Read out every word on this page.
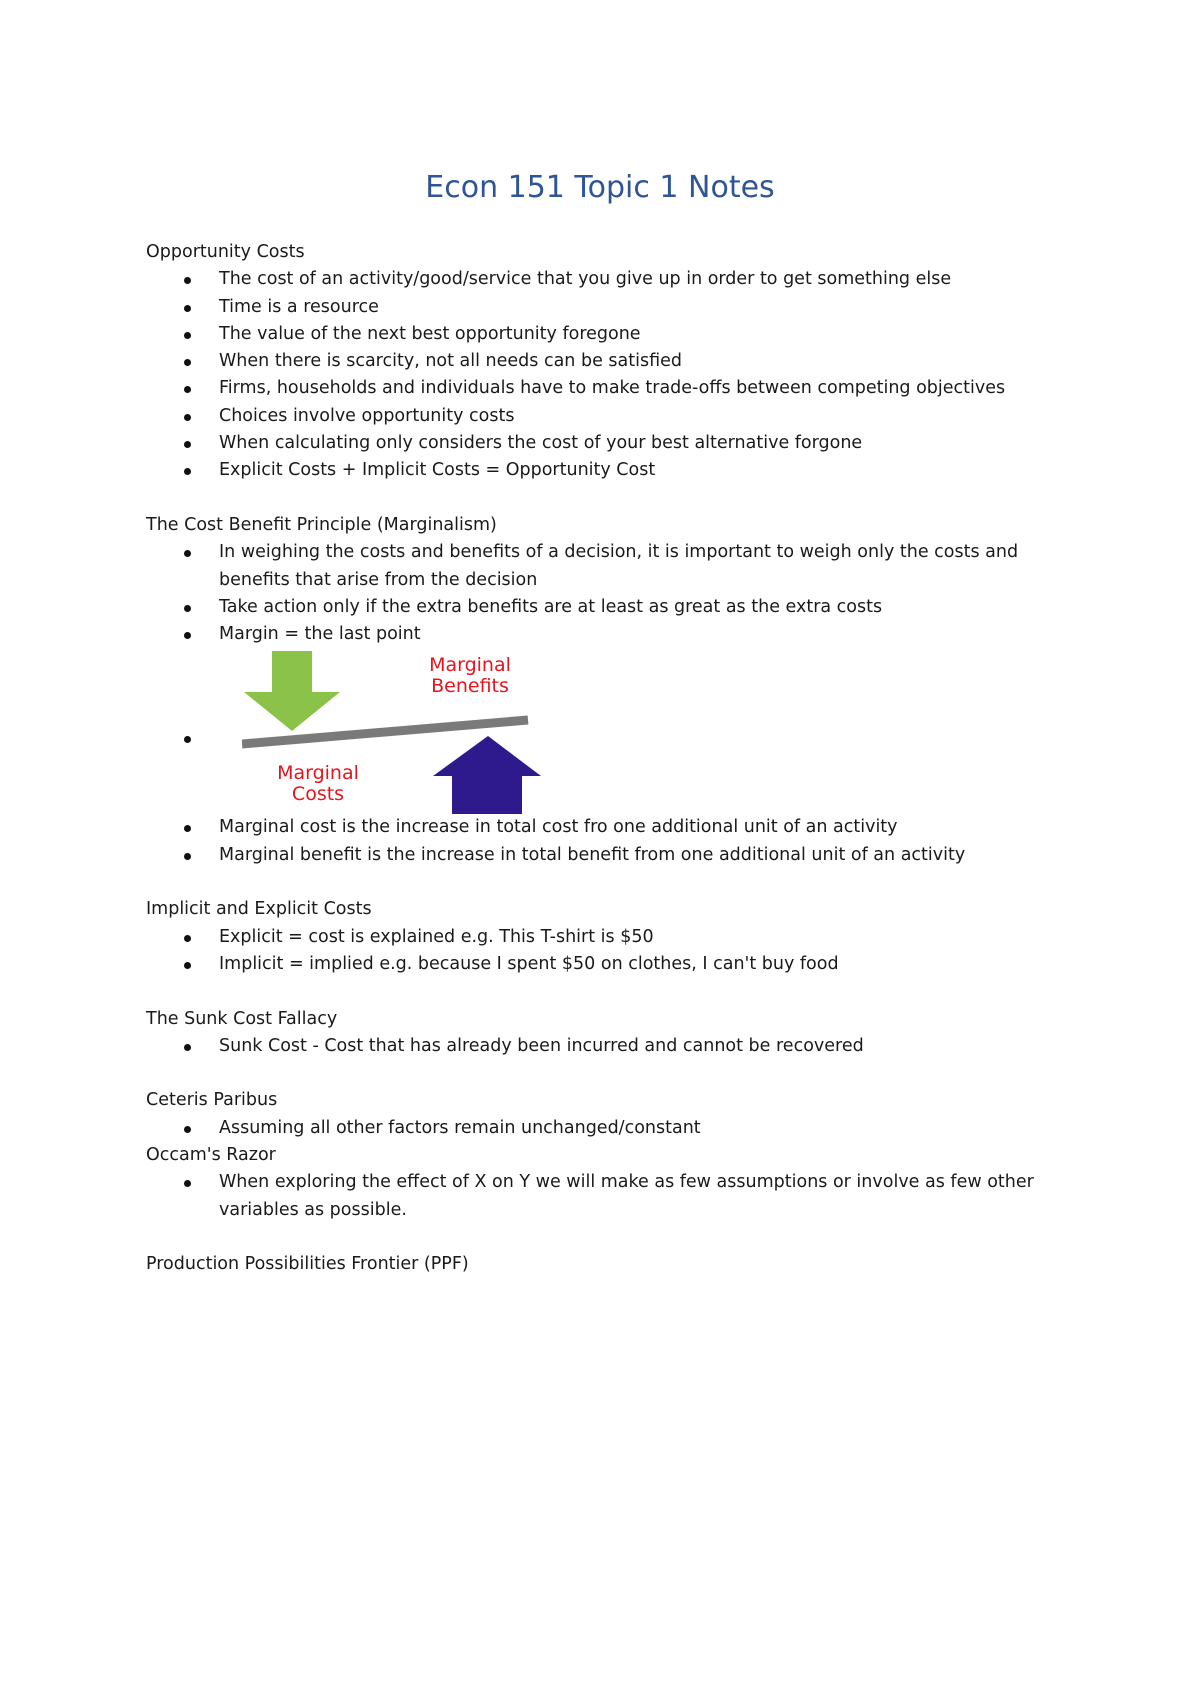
Econ 151 Topic 1 Notes

Opportunity Costs

The cost of an activity/good/service that you give up in order to get something else
Time is a resource
The value of the next best opportunity foregone
When there is scarcity, not all needs can be satisfied
Firms, households and individuals have to make trade-offs between competing objectives
Choices involve opportunity costs
When calculating only considers the cost of your best alternative forgone
Explicit Costs + Implicit Costs = Opportunity Cost

The Cost Benefit Principle (Marginalism)

In weighing the costs and benefits of a decision, it is important to weigh only the costs and benefits that arise from the decision
Take action only if the extra benefits are at least as great as the extra costs
Margin = the last point
Marginal
Benefits
Marginal
Costs
Marginal cost is the increase in total cost fro one additional unit of an activity
Marginal benefit is the increase in total benefit from one additional unit of an activity

Implicit and Explicit Costs

Explicit = cost is explained e.g. This T-shirt is $50
Implicit = implied e.g. because I spent $50 on clothes, I can't buy food

The Sunk Cost Fallacy

Sunk Cost - Cost that has already been incurred and cannot be recovered

Ceteris Paribus

Assuming all other factors remain unchanged/constant

Occam's Razor

When exploring the effect of X on Y we will make as few assumptions or involve as few other variables as possible.

Production Possibilities Frontier (PPF)
